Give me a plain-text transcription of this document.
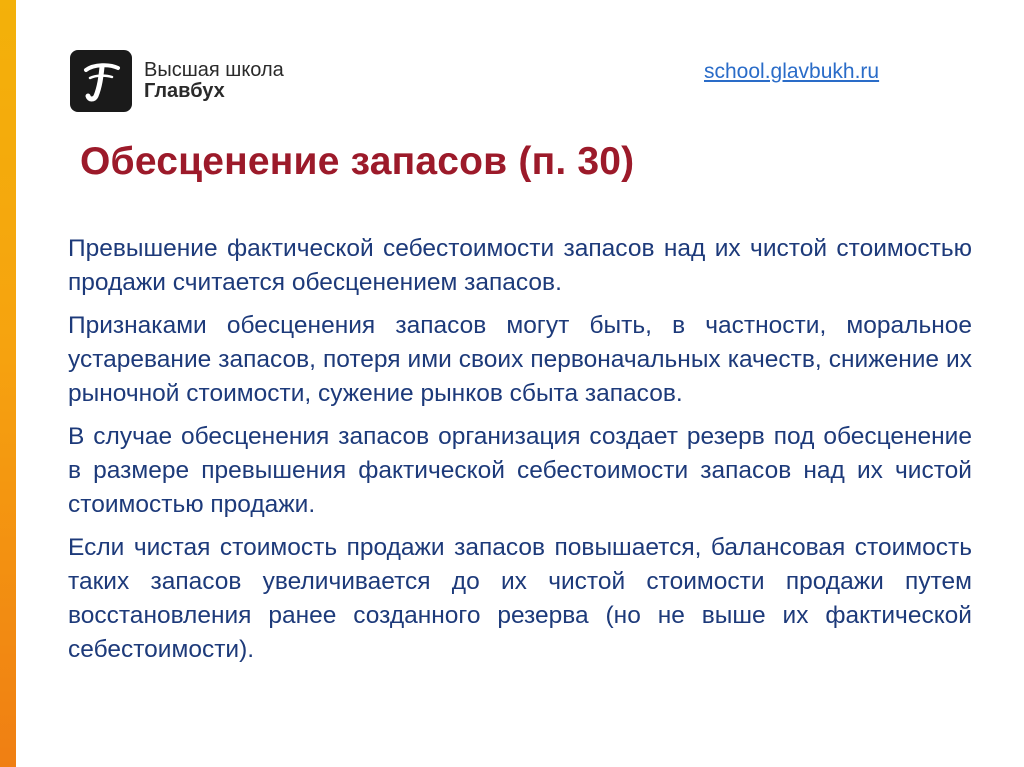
Высшая школа
Главбух
school.glavbukh.ru
Обесценение запасов (п. 30)

Превышение фактической себестоимости запасов над их чистой стоимостью продажи считается обесценением запасов.

Признаками обесценения запасов могут быть, в частности, моральное устаревание запасов, потеря ими своих первоначальных качеств, снижение их рыночной стоимости, сужение рынков сбыта запасов.

В случае обесценения запасов организация создает резерв под обесценение в размере превышения фактической себестоимости запасов над их чистой стоимостью продажи.

Если чистая стоимость продажи запасов повышается, балансовая стоимость таких запасов увеличивается до их чистой стоимости продажи путем восстановления ранее созданного резерва (но не выше их фактической себестоимости).
